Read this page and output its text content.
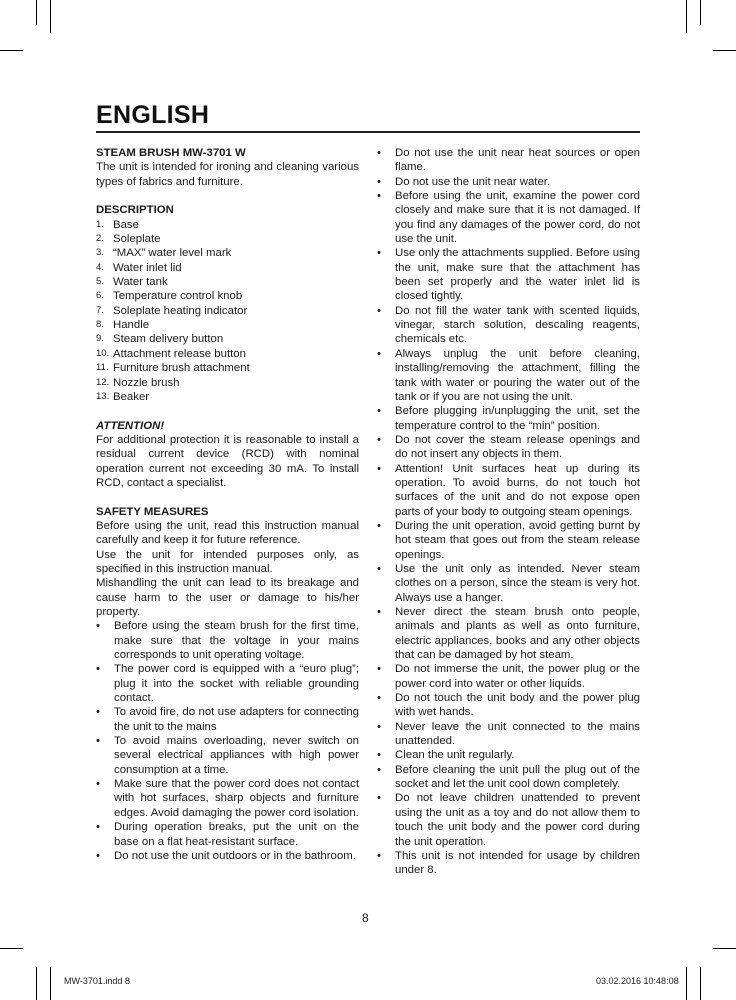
ENGLISH

STEAM BRUSH MW-3701 W

The unit is intended for ironing and cleaning various types of fabrics and furniture.

DESCRIPTION

1. Base
2. Soleplate
3. “MAX” water level mark
4. Water inlet lid
5. Water tank
6. Temperature control knob
7. Soleplate heating indicator
8. Handle
9. Steam delivery button
10. Attachment release button
11. Furniture brush attachment
12. Nozzle brush
13. Beaker

ATTENTION!

For additional protection it is reasonable to install a residual current device (RCD) with nominal operation current not exceeding 30 mA. To install RCD, contact a specialist.

SAFETY MEASURES

Before using the unit, read this instruction manual carefully and keep it for future reference.

Use the unit for intended purposes only, as specified in this instruction manual.

Mishandling the unit can lead to its breakage and cause harm to the user or damage to his/her property.

• Before using the steam brush for the first time, make sure that the voltage in your mains corresponds to unit operating voltage.
• The power cord is equipped with a “euro plug”; plug it into the socket with reliable grounding contact.
• To avoid fire, do not use adapters for connecting the unit to the mains
• To avoid mains overloading, never switch on several electrical appliances with high power consumption at a time.
• Make sure that the power cord does not contact with hot surfaces, sharp objects and furniture edges. Avoid damaging the power cord isolation.
• During operation breaks, put the unit on the base on a flat heat-resistant surface.
• Do not use the unit outdoors or in the bathroom.
• Do not use the unit near heat sources or open flame.
• Do not use the unit near water.
• Before using the unit, examine the power cord closely and make sure that it is not damaged. If you find any damages of the power cord, do not use the unit.
• Use only the attachments supplied. Before using the unit, make sure that the attachment has been set properly and the water inlet lid is closed tightly.
• Do not fill the water tank with scented liquids, vinegar, starch solution, descaling reagents, chemicals etc.
• Always unplug the unit before cleaning, installing/removing the attachment, filling the tank with water or pouring the water out of the tank or if you are not using the unit.
• Before plugging in/unplugging the unit, set the temperature control to the “min” position.
• Do not cover the steam release openings and do not insert any objects in them.
• Attention! Unit surfaces heat up during its operation. To avoid burns, do not touch hot surfaces of the unit and do not expose open parts of your body to outgoing steam openings.
• During the unit operation, avoid getting burnt by hot steam that goes out from the steam release openings.
• Use the unit only as intended. Never steam clothes on a person, since the steam is very hot. Always use a hanger.
• Never direct the steam brush onto people, animals and plants as well as onto furniture, electric appliances, books and any other objects that can be damaged by hot steam.
• Do not immerse the unit, the power plug or the power cord into water or other liquids.
• Do not touch the unit body and the power plug with wet hands.
• Never leave the unit connected to the mains unattended.
• Clean the unit regularly.
• Before cleaning the unit pull the plug out of the socket and let the unit cool down completely.
• Do not leave children unattended to prevent using the unit as a toy and do not allow them to touch the unit body and the power cord during the unit operation.
• This unit is not intended for usage by children under 8.
8
MW-3701.indd 8	03.02.2016 10:48:08
